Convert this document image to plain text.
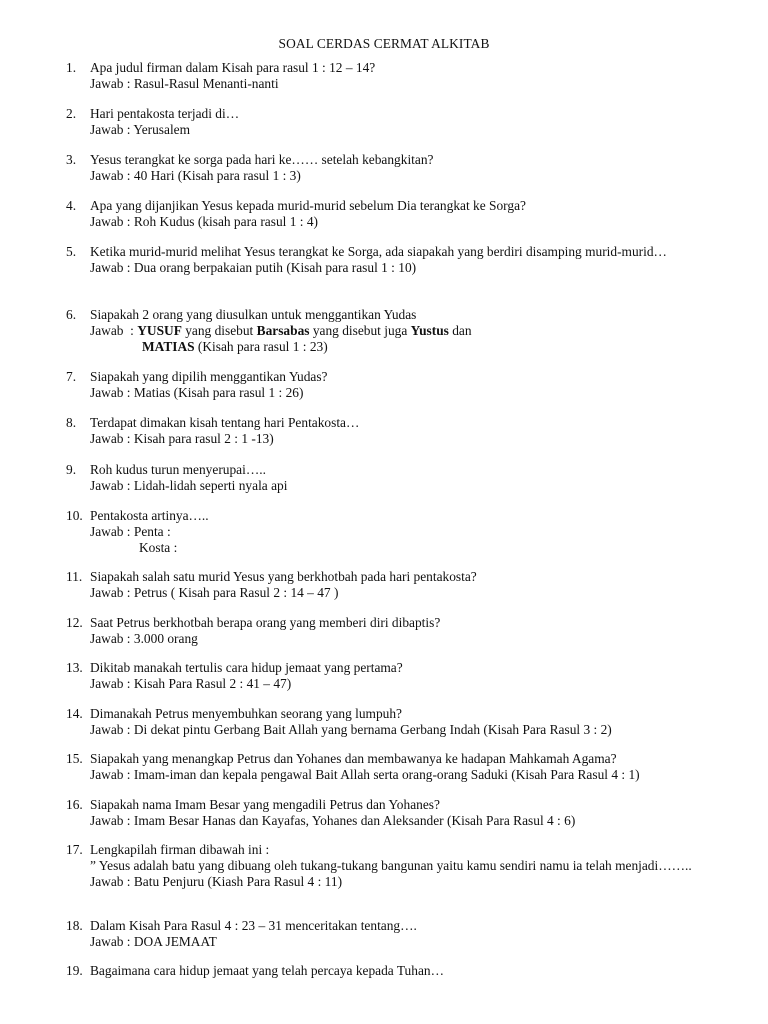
SOAL CERDAS CERMAT ALKITAB
1. Apa judul firman dalam Kisah para rasul 1 : 12 – 14?
Jawab : Rasul-Rasul Menanti-nanti
2. Hari pentakosta terjadi di…
Jawab : Yerusalem
3. Yesus terangkat ke sorga pada hari ke…… setelah kebangkitan?
Jawab : 40 Hari (Kisah para rasul 1 : 3)
4. Apa yang dijanjikan Yesus kepada murid-murid sebelum Dia terangkat ke Sorga?
Jawab : Roh Kudus (kisah para rasul 1 : 4)
5. Ketika murid-murid melihat Yesus terangkat ke Sorga, ada siapakah yang berdiri disamping murid-murid…
Jawab : Dua orang berpakaian putih (Kisah para rasul 1 : 10)
6. Siapakah 2 orang yang diusulkan untuk menggantikan Yudas
Jawab  : YUSUF yang disebut Barsabas yang disebut juga Yustus dan
MATIAS (Kisah para rasul 1 : 23)
7. Siapakah yang dipilih menggantikan Yudas?
Jawab : Matias (Kisah para rasul 1 : 26)
8. Terdapat dimakan kisah tentang hari Pentakosta…
Jawab : Kisah para rasul 2 : 1 -13)
9. Roh kudus turun menyerupai…..
Jawab : Lidah-lidah seperti nyala api
10. Pentakosta artinya…..
Jawab : Penta :
Kosta :
11. Siapakah salah satu murid Yesus yang berkhotbah pada hari pentakosta?
Jawab : Petrus ( Kisah para Rasul 2 : 14 – 47 )
12. Saat Petrus berkhotbah berapa orang yang memberi diri dibaptis?
Jawab : 3.000 orang
13. Dikitab manakah tertulis cara hidup jemaat yang pertama?
Jawab : Kisah Para Rasul 2 : 41 – 47)
14. Dimanakah Petrus menyembuhkan seorang yang lumpuh?
Jawab : Di dekat pintu Gerbang Bait Allah yang bernama Gerbang Indah (Kisah Para Rasul 3 : 2)
15. Siapakah yang menangkap Petrus dan Yohanes dan membawanya ke hadapan Mahkamah Agama?
Jawab : Imam-iman dan kepala pengawal Bait Allah serta orang-orang Saduki (Kisah Para Rasul 4 : 1)
16. Siapakah nama Imam Besar yang mengadili Petrus dan Yohanes?
Jawab : Imam Besar Hanas dan Kayafas, Yohanes dan Aleksander (Kisah Para Rasul 4 : 6)
17. Lengkapilah firman dibawah ini :
” Yesus adalah batu yang dibuang oleh tukang-tukang bangunan yaitu kamu sendiri namu ia telah menjadi……..
Jawab : Batu Penjuru (Kiash Para Rasul 4 : 11)
18. Dalam Kisah Para Rasul 4 : 23 – 31 menceritakan tentang….
Jawab : DOA JEMAAT
19. Bagaimana cara hidup jemaat yang telah percaya kepada Tuhan…
